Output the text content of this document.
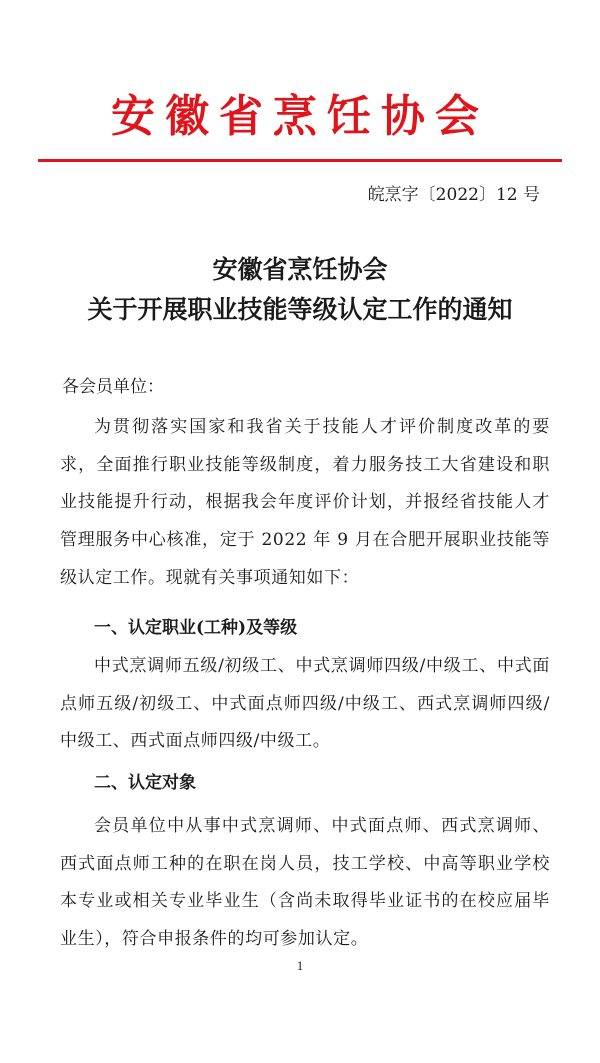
安徽省烹饪协会
皖烹字〔2022〕12 号
安徽省烹饪协会
关于开展职业技能等级认定工作的通知
各会员单位：
为贯彻落实国家和我省关于技能人才评价制度改革的要求，全面推行职业技能等级制度，着力服务技工大省建设和职业技能提升行动，根据我会年度评价计划，并报经省技能人才管理服务中心核准，定于 2022 年 9 月在合肥开展职业技能等级认定工作。现就有关事项通知如下：
一、认定职业(工种)及等级
中式烹调师五级/初级工、中式烹调师四级/中级工、中式面点师五级/初级工、中式面点师四级/中级工、西式烹调师四级/中级工、西式面点师四级/中级工。
二、认定对象
会员单位中从事中式烹调师、中式面点师、西式烹调师、西式面点师工种的在职在岗人员，技工学校、中高等职业学校本专业或相关专业毕业生（含尚未取得毕业证书的在校应届毕业生），符合申报条件的均可参加认定。
1
